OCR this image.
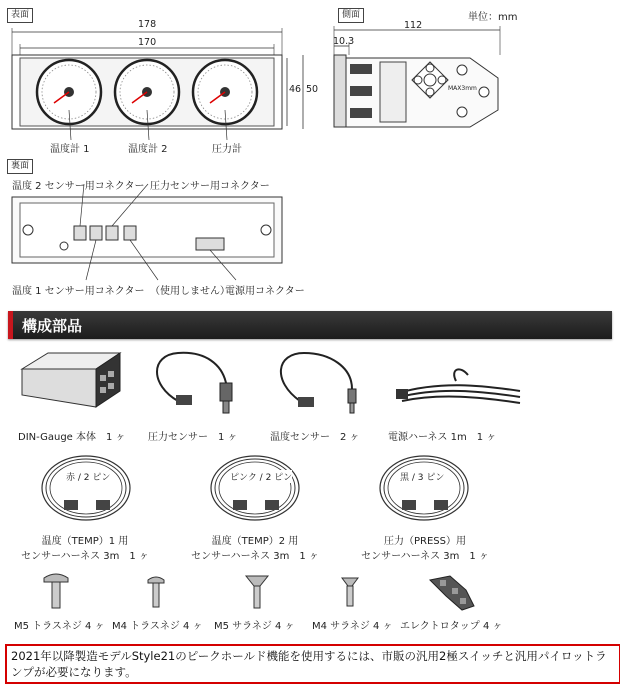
表面
178
170
46 50
温度計 1	温度計 2	圧力計
側面	単位：mm
112
10.3
MAX3mm
裏面
温度 2 センサー用コネクター 圧力センサー用コネクター
温度 1 センサー用コネクター （使用しません）
電源用コネクター
構成部品
DIN-Gauge 本体　1 ヶ 圧力センサー　1 ヶ	温度センサー　2 ヶ	電源ハーネス 1m　1 ヶ
赤 / 2 ピン	ピンク / 2 ピン	黒 / 3 ピン
温度（TEMP）1 用
センサーハーネス 3m　1 ヶ
温度（TEMP）2 用
センサーハーネス 3m　1 ヶ
圧力（PRESS）用
センサーハーネス 3m　1 ヶ
M5 トラスネジ 4 ヶ M4 トラスネジ 4 ヶ M5 サラネジ 4 ヶ M4 サラネジ 4 ヶ エレクトロタップ 4 ヶ
2021年以降製造モデルStyle21のピークホールド機能を使用するには、市販の汎用2極スイッチと汎用パイロットランプが必要になります。
